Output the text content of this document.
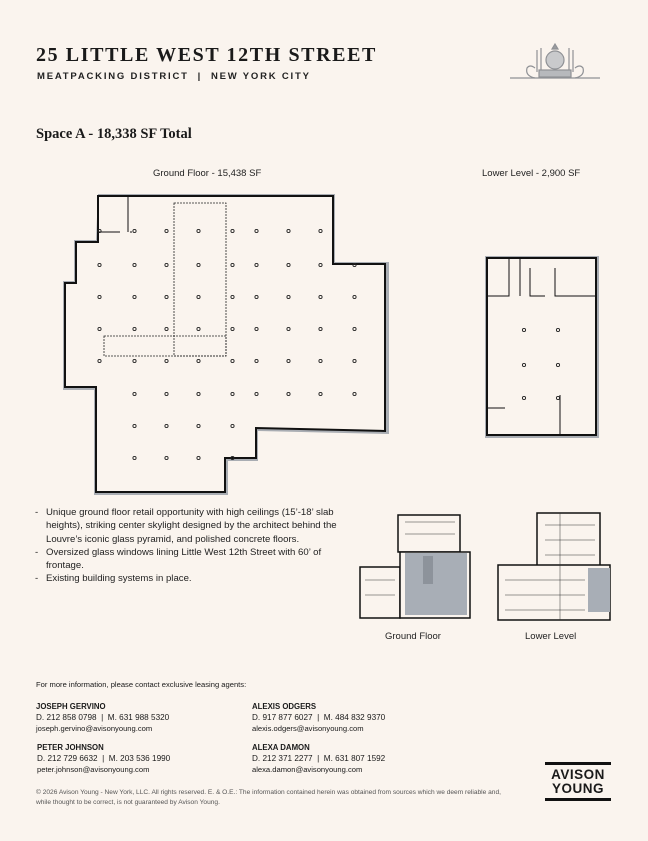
25 LITTLE WEST 12TH STREET
MEATPACKING DISTRICT  |  NEW YORK CITY
Space A - 18,338 SF Total
Ground Floor - 15,438 SF	Lower Level - 2,900 SF
- Unique ground floor retail opportunity with high ceilings (15’-18’ slab heights), striking center skylight designed by the architect behind the Louvre’s iconic glass pyramid, and polished concrete floors.
- Oversized glass windows lining Little West 12th Street with 60’ of frontage.
- Existing building systems in place.
Ground Floor	Lower Level
For more information, please contact exclusive leasing agents:
JOSEPH GERVINO
D. 212 858 0798  |  M. 631 988 5320
joseph.gervino@avisonyoung.com
ALEXIS ODGERS
D. 917 877 6027  |  M. 484 832 9370
alexis.odgers@avisonyoung.com
PETER JOHNSON
D. 212 729 6632  |  M. 203 536 1990
peter.johnson@avisonyoung.com
ALEXA DAMON
D. 212 371 2277  |  M. 631 807 1592
alexa.damon@avisonyoung.com
© 2026 Avison Young - New York, LLC. All rights reserved. E. & O.E.: The information contained herein was obtained from sources which we deem reliable and, while thought to be correct, is not guaranteed by Avison Young.
AVISON
YOUNG
